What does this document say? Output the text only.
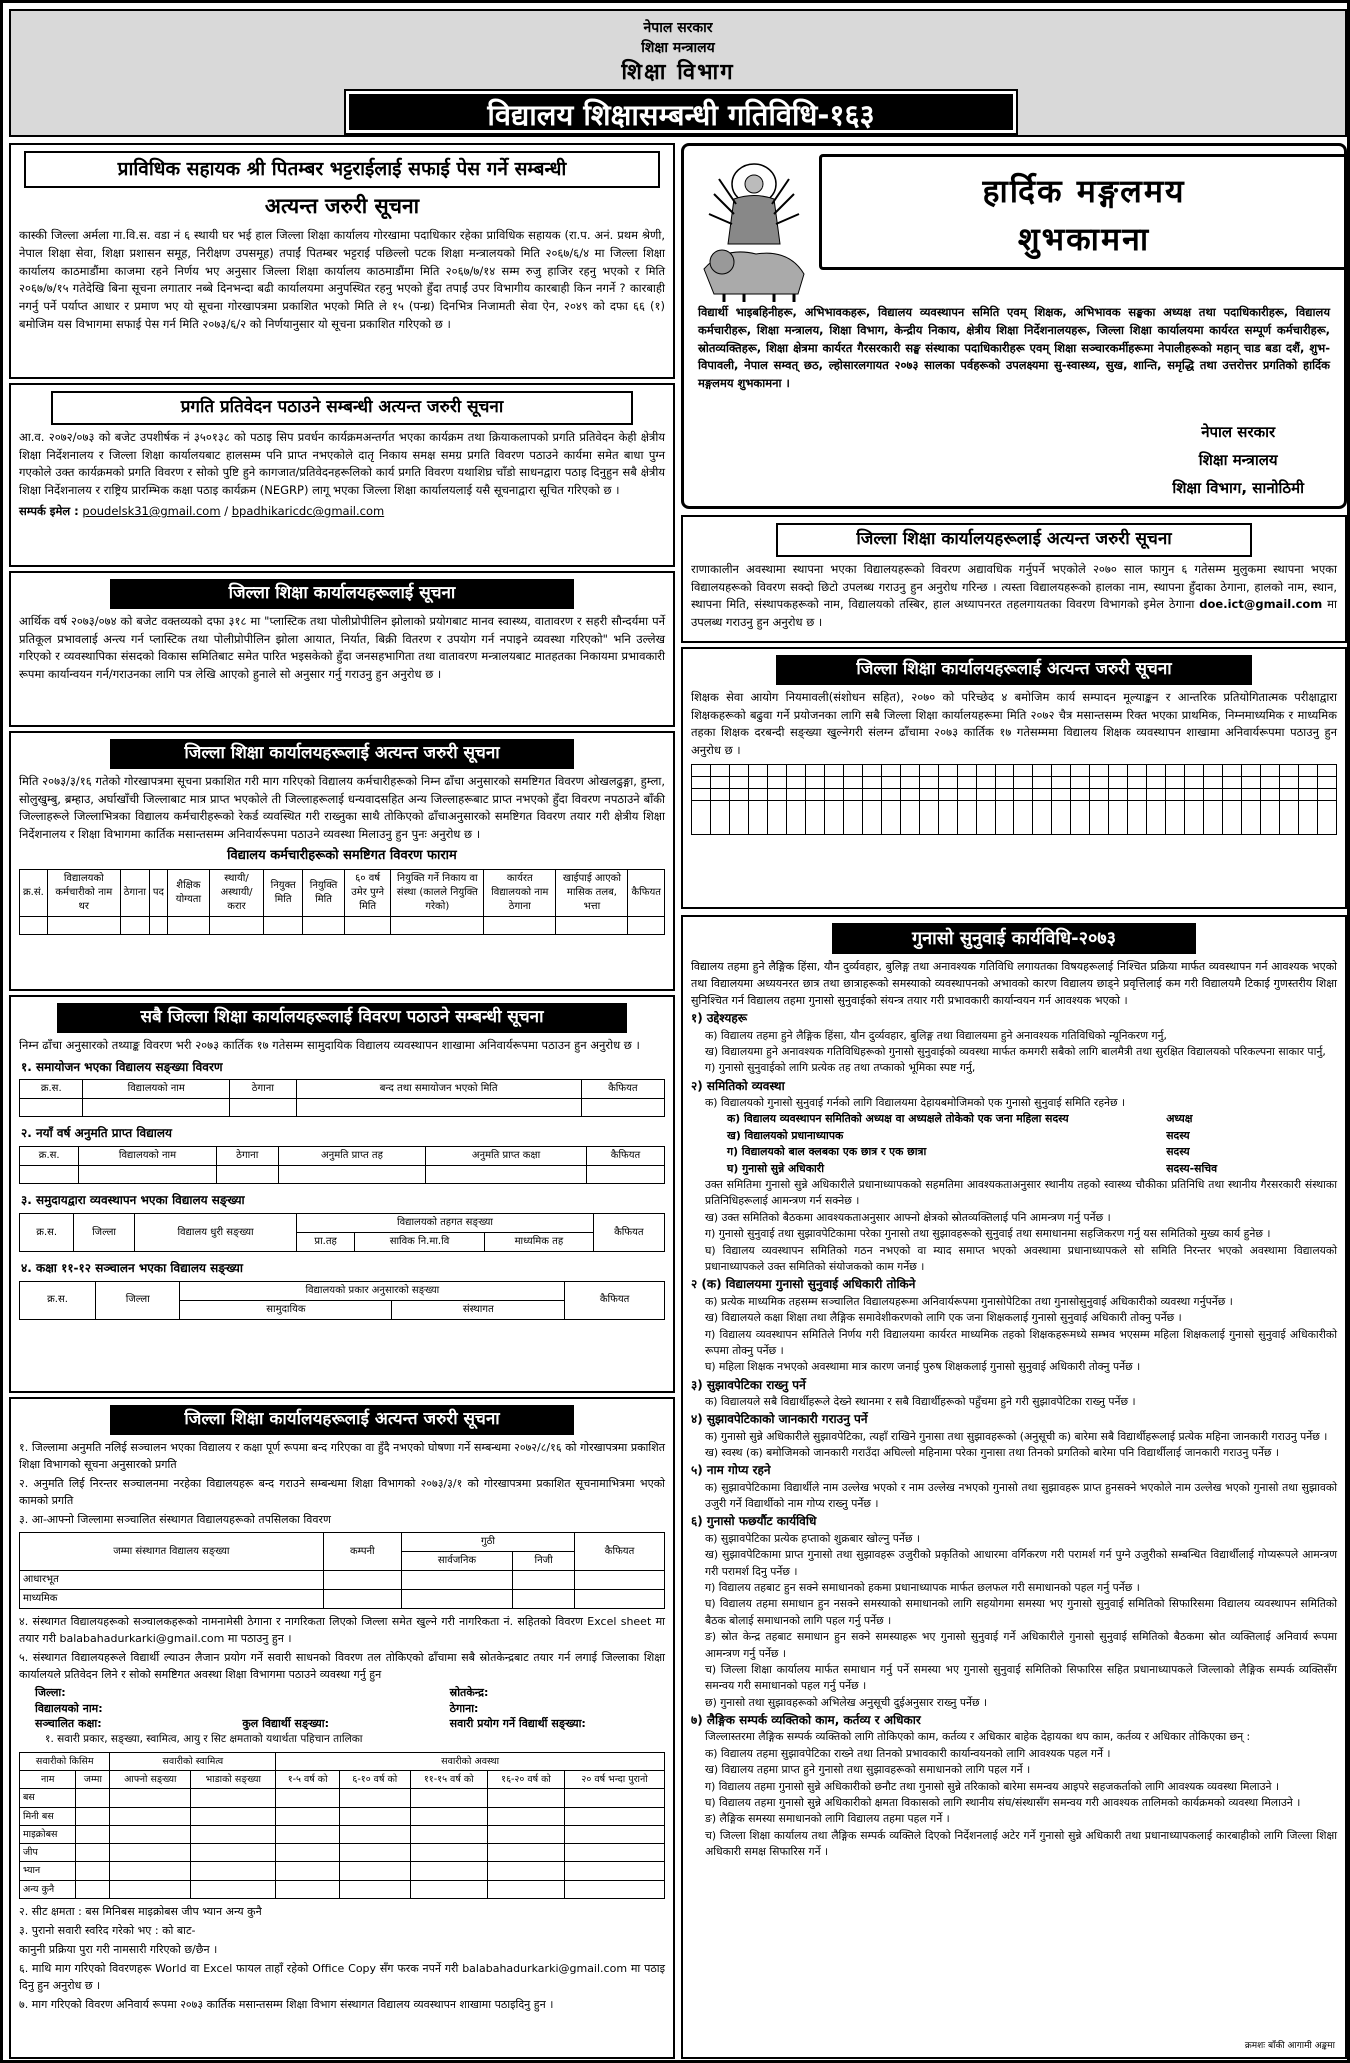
नेपाल सरकार
शिक्षा मन्त्रालय
शिक्षा विभाग
विद्यालय शिक्षासम्बन्धी गतिविधि-१६३
प्राविधिक सहायक श्री पितम्बर भट्टराईलाई सफाई पेस गर्ने सम्बन्धी
अत्यन्त जरुरी सूचना
कास्की जिल्ला अर्मला गा.वि.स. वडा नं ६ स्थायी घर भई हाल जिल्ला शिक्षा कार्यालय गोरखामा पदाधिकार रहेका प्राविधिक सहायक (रा.प. अनं. प्रथम श्रेणी, नेपाल शिक्षा सेवा, शिक्षा प्रशासन समूह, निरीक्षण उपसमूह) तपाईं पितम्बर भट्टराई पछिल्लो पटक शिक्षा मन्त्रालयको मिति २०६७/६/४ मा जिल्ला शिक्षा कार्यालय काठमाडौंमा काजमा रहने निर्णय भए अनुसार जिल्ला शिक्षा कार्यालय काठमाडौंमा मिति २०६७/७/१४ सम्म रुजु हाजिर रहनु भएको र मिति २०६७/७/१५ गतेदेखि बिना सूचना लगातार नब्बे दिनभन्दा बढी कार्यालयमा अनुपस्थित रहनु भएको हुँदा तपाईं उपर विभागीय कारबाही किन नगर्ने ? कारबाही नगर्नु पर्ने पर्याप्त आधार र प्रमाण भए यो सूचना गोरखापत्रमा प्रकाशित भएको मिति ले १५ (पन्ध्र) दिनभित्र निजामती सेवा ऐन, २०४९ को दफा ६६ (१) बमोजिम यस विभागमा सफाई पेस गर्न मिति २०७३/६/२ को निर्णयानुसार यो सूचना प्रकाशित गरिएको छ ।
प्रगति प्रतिवेदन पठाउने सम्बन्धी अत्यन्त जरुरी सूचना
आ.व. २०७२/०७३ को बजेट उपशीर्षक नं ३५०१३८ को पठाइ सिप प्रवर्धन कार्यक्रमअन्तर्गत भएका कार्यक्रम तथा क्रियाकलापको प्रगति प्रतिवेदन केही क्षेत्रीय शिक्षा निर्देशनालय र जिल्ला शिक्षा कार्यालयबाट हालसम्म पनि प्राप्त नभएकोले दातृ निकाय समक्ष समग्र प्रगति विवरण पठाउने कार्यमा समेत बाधा पुग्न गएकोले उक्त कार्यक्रमको प्रगति विवरण र सोको पुष्टि हुने कागजात/प्रतिवेदनहरूलिको कार्य प्रगति विवरण यथाशिघ्र चाँडो साधनद्वारा पठाइ दिनुहुन सबै क्षेत्रीय शिक्षा निर्देशनालय र राष्ट्रिय प्रारम्भिक कक्षा पठाइ कार्यक्रम (NEGRP) लागू भएका जिल्ला शिक्षा कार्यालयलाई यसै सूचनाद्वारा सूचित गरिएको छ ।
सम्पर्क इमेल : poudelsk31@gmail.com / bpadhikaricdc@gmail.com
जिल्ला शिक्षा कार्यालयहरूलाई सूचना
आर्थिक वर्ष २०७३/०७४ को बजेट वक्तव्यको दफा ३१८ मा "प्लास्टिक तथा पोलीप्रोपीलिन झोलाको प्रयोगबाट मानव स्वास्थ्य, वातावरण र सहरी सौन्दर्यमा पर्ने प्रतिकूल प्रभावलाई अन्त्य गर्न प्लास्टिक तथा पोलीप्रोपीलिन झोला आयात, निर्यात, बिक्री वितरण र उपयोग गर्न नपाइने व्यवस्था गरिएको" भनि उल्लेख गरिएको र व्यवस्थापिका संसदको विकास समितिबाट समेत पारित भइसकेको हुँदा जनसहभागिता तथा वातावरण मन्त्रालयबाट मातहतका निकायमा प्रभावकारी रूपमा कार्यान्वयन गर्न/गराउनका लागि पत्र लेखि आएको हुनाले सो अनुसार गर्नु गराउनु हुन अनुरोध छ ।
जिल्ला शिक्षा कार्यालयहरूलाई अत्यन्त जरुरी सूचना
मिति २०७३/३/१६ गतेको गोरखापत्रमा सूचना प्रकाशित गरी माग गरिएको विद्यालय कर्मचारीहरूको निम्न ढाँचा अनुसारको समष्टिगत विवरण ओखलढुङ्गा, हुम्ला, सोलुखुम्बु, ब्रम्हाउ, अर्घाखाँची जिल्लाबाट मात्र प्राप्त भएकोले ती जिल्लाहरूलाई धन्यवादसहित अन्य जिल्लाहरूबाट प्राप्त नभएको हुँदा विवरण नपठाउने बाँकी जिल्लाहरूले जिल्लाभित्रका विद्यालय कर्मचारीहरूको रेकर्ड व्यवस्थित गरी राख्नुका साथै तोकिएको ढाँचाअनुसारको समष्टिगत विवरण तयार गरी क्षेत्रीय शिक्षा निर्देशनालय र शिक्षा विभागमा कार्तिक मसान्तसम्म अनिवार्यरूपमा पठाउने व्यवस्था मिलाउनु हुन पुनः अनुरोध छ ।
विद्यालय कर्मचारीहरूको समष्टिगत विवरण फाराम
क्र.सं.	विद्यालयको कर्मचारीको नाम थर	ठेगाना	पद	शैक्षिक योग्यता	स्थायी/अस्थायी/करार	नियुक्त मिति	नियुक्ति मिति	६० वर्ष उमेर पुग्ने मिति	नियुक्ति गर्ने निकाय वा संस्था (कालले नियुक्ति गरेको)	कार्यरत विद्यालयको नाम ठेगाना	खाईपाई आएको मासिक तलब, भत्ता	कैफियत

सबै जिल्ला शिक्षा कार्यालयहरूलाई विवरण पठाउने सम्बन्धी सूचना
निम्न ढाँचा अनुसारको तथ्याङ्क विवरण भरी २०७३ कार्तिक १७ गतेसम्म सामुदायिक विद्यालय व्यवस्थापन शाखामा अनिवार्यरूपमा पठाउन हुन अनुरोध छ ।
१. समायोजन भएका विद्यालय सङ्ख्या विवरण
क्र.स.	विद्यालयको नाम	ठेगाना	बन्द तथा समायोजन भएको मिति	कैफियत

२. नयाँ वर्ष अनुमति प्राप्त विद्यालय
क्र.स.	विद्यालयको नाम	ठेगाना	अनुमति प्राप्त तह	अनुमति प्राप्त कक्षा	कैफियत

३. समुदायद्वारा व्यवस्थापन भएका विद्यालय सङ्ख्या
क्र.स.	जिल्ला	विद्यालय धुरी सङ्ख्या	विद्यालयको तहगत सङ्ख्या			कैफियत
			प्रा.तह	साविक नि.मा.वि	माध्यमिक तह	
४. कक्षा ११-१२ सञ्चालन भएका विद्यालय सङ्ख्या
क्र.स.	जिल्ला	विद्यालयको प्रकार अनुसारको सङ्ख्या		कैफियत
		सामुदायिक	संस्थागत	
जिल्ला शिक्षा कार्यालयहरूलाई अत्यन्त जरुरी सूचना
१. जिल्लामा अनुमति नलिई सञ्चालन भएका विद्यालय र कक्षा पूर्ण रूपमा बन्द गरिएका वा हुँदै नभएको घोषणा गर्ने सम्बन्धमा २०७२/८/१६ को गोरखापत्रमा प्रकाशित शिक्षा विभागको सूचना अनुसारको प्रगति
२. अनुमति लिई निरन्तर सञ्चालनमा नरहेका विद्यालयहरू बन्द गराउने सम्बन्धमा शिक्षा विभागको २०७३/३/१ को गोरखापत्रमा प्रकाशित सूचनामाभित्रमा भएको कामको प्रगति
३. आ-आफ्नो जिल्लामा सञ्चालित संस्थागत विद्यालयहरूको तपसिलका विवरण
जम्मा संस्थागत विद्यालय सङ्ख्या	कम्पनी	गुठी		कैफियत
		सार्वजनिक	निजी	
आधारभूत				
माध्यमिक				
४. संस्थागत विद्यालयहरूको सञ्चालकहरूको नामनामेसी ठेगाना र नागरिकता लिएको जिल्ला समेत खुल्ने गरी नागरिकता नं. सहितको विवरण Excel sheet मा तयार गरी balabahadurkarki@gmail.com मा पठाउनु हुन ।
५. संस्थागत विद्यालयहरूले विद्यार्थी ल्याउन लैजान प्रयोग गर्ने सवारी साधनको विवरण तल तोकिएको ढाँचामा सबै स्रोतकेन्द्रबाट तयार गर्न लगाई जिल्लाका शिक्षा कार्यालयले प्रतिवेदन लिने र सोको समष्टिगत अवस्था शिक्षा विभागमा पठाउने व्यवस्था गर्नु हुन
जिल्ला:	स्रोतकेन्द्र:
विद्यालयको नाम:	ठेगाना:
सञ्चालित कक्षा:	कुल विद्यार्थी सङ्ख्या:	सवारी प्रयोग गर्ने विद्यार्थी सङ्ख्या:
१. सवारी प्रकार, सङ्ख्या, स्वामित्व, आयु र सिट क्षमताको यथार्थता पहिचान तालिका
सवारीको किसिम		सवारीको स्वामित्व		सवारीको अवस्था				
नाम	जम्मा	आफ्नो सङ्ख्या	भाडाको सङ्ख्या	१-५ वर्ष को	६-१० वर्ष को	११-१५ वर्ष को	१६-२० वर्ष को	२० वर्ष भन्दा पुरानो
बस								
मिनी बस								
माइक्रोबस								
जीप								
भ्यान								
अन्य कुनै								
२. सीट क्षमता : बस मिनिबस माइक्रोबस जीप भ्यान अन्य कुनै
३. पुरानो सवारी स्वरिद गरेको भए : को बाट-
कानुनी प्रक्रिया पुरा गरी नामसारी गरिएको छ/छैन ।
६. माथि माग गरिएको विवरणहरू World वा Excel फायल ताहाँ रहेको Office Copy सँग फरक नपर्ने गरी balabahadurkarki@gmail.com मा पठाइ दिनु हुन अनुरोध छ ।
७. माग गरिएको विवरण अनिवार्य रूपमा २०७३ कार्तिक मसान्तसम्म शिक्षा विभाग संस्थागत विद्यालय व्यवस्थापन शाखामा पठाइदिनु हुन ।
हार्दिक मङ्गलमय
शुभकामना
विद्यार्थी भाइबहिनीहरू, अभिभावकहरू, विद्यालय व्यवस्थापन समिति एवम् शिक्षक, अभिभावक सङ्घका अध्यक्ष तथा पदाधिकारीहरू, विद्यालय कर्मचारीहरू, शिक्षा मन्त्रालय, शिक्षा विभाग, केन्द्रीय निकाय, क्षेत्रीय शिक्षा निर्देशनालयहरू, जिल्ला शिक्षा कार्यालयमा कार्यरत सम्पूर्ण कर्मचारीहरू, स्रोतव्यक्तिहरू, शिक्षा क्षेत्रमा कार्यरत गैरसरकारी सङ्घ संस्थाका पदाधिकारीहरू एवम् शिक्षा सञ्चारकर्मीहरूमा नेपालीहरूको महान् चाड बडा दशैं, शुभ-विपावली, नेपाल सम्वत् छठ, ल्होसारलगायत २०७३ सालका पर्वहरूको उपलक्ष्यमा सु-स्वास्थ्य, सुख, शान्ति, समृद्धि तथा उत्तरोत्तर प्रगतिको हार्दिक मङ्गलमय शुभकामना ।
नेपाल सरकार
शिक्षा मन्त्रालय
शिक्षा विभाग, सानोठिमी
जिल्ला शिक्षा कार्यालयहरूलाई अत्यन्त जरुरी सूचना
राणाकालीन अवस्थामा स्थापना भएका विद्यालयहरूको विवरण अद्यावधिक गर्नुपर्ने भएकोले २०७० साल फागुन ६ गतेसम्म मुलुकमा स्थापना भएका विद्यालयहरूको विवरण सक्दो छिटो उपलब्ध गराउनु हुन अनुरोध गरिन्छ । त्यस्ता विद्यालयहरूको हालका नाम, स्थापना हुँदाका ठेगाना, हालको नाम, स्थान, स्थापना मिति, संस्थापकहरूको नाम, विद्यालयको तस्बिर, हाल अध्यापनरत तहलगायतका विवरण विभागको इमेल ठेगाना doe.ict@gmail.com मा उपलब्ध गराउनु हुन अनुरोध छ ।
जिल्ला शिक्षा कार्यालयहरूलाई अत्यन्त जरुरी सूचना
शिक्षक सेवा आयोग नियमावली(संशोधन सहित), २०७० को परिच्छेद ४ बमोजिम कार्य सम्पादन मूल्याङ्कन र आन्तरिक प्रतियोगितात्मक परीक्षाद्वारा शिक्षकहरूको बढुवा गर्ने प्रयोजनका लागि सबै जिल्ला शिक्षा कार्यालयहरूमा मिति २०७२ चैत्र मसान्तसम्म रिक्त भएका प्राथमिक, निम्नमाध्यमिक र माध्यमिक तहका शिक्षक दरबन्दी सङ्ख्या खुल्नेगरी संलग्न ढाँचामा २०७३ कार्तिक १७ गतेसम्ममा विद्यालय शिक्षक व्यवस्थापन शाखामा अनिवार्यरूपमा पठाउनु हुन अनुरोध छ ।

गुनासो सुनुवाई कार्यविधि-२०७३
विद्यालय तहमा हुने लैङ्गिक हिंसा, यौन दुर्व्यवहार, बुलिङ्ग तथा अनावश्यक गतिविधि लगायतका विषयहरूलाई निश्चित प्रक्रिया मार्फत व्यवस्थापन गर्न आवश्यक भएको तथा विद्यालयमा अध्ययनरत छात्र तथा छात्राहरूको समस्याको व्यवस्थापनको अभावको कारण विद्यालय छाड्ने प्रवृत्तिलाई कम गरी विद्यालयमै टिकाई गुणस्तरीय शिक्षा सुनिश्चित गर्न विद्यालय तहमा गुनासो सुनुवाईको संयन्त्र तयार गरी प्रभावकारी कार्यान्वयन गर्न आवश्यक भएको ।
१) उद्देश्यहरू
क) विद्यालय तहमा हुने लैङ्गिक हिंसा, यौन दुर्व्यवहार, बुलिङ्ग तथा विद्यालयमा हुने अनावश्यक गतिविधिको न्यूनिकरण गर्नु,
ख) विद्यालयमा हुने अनावश्यक गतिविधिहरूको गुनासो सुनुवाईको व्यवस्था मार्फत कमगरी सबैको लागि बालमैत्री तथा सुरक्षित विद्यालयको परिकल्पना साकार पार्नु,
ग) गुनासो सुनुवाईको लागि प्रत्येक तह तथा तप्काको भूमिका स्पष्ट गर्नु,
२) समितिको व्यवस्था
क) विद्यालयको गुनासो सुनुवाई गर्नको लागि विद्यालयमा देहायबमोजिमको एक गुनासो सुनुवाई समिति रहनेछ ।
क) विद्यालय व्यवस्थापन समितिको अध्यक्ष वा अध्यक्षले तोकेको एक जना महिला सदस्य	अध्यक्ष
ख) विद्यालयको प्रधानाध्यापक	सदस्य
ग) विद्यालयको बाल क्लबका एक छात्र र एक छात्रा	सदस्य
घ) गुनासो सुन्ने अधिकारी	सदस्य-सचिव
उक्त समितिमा गुनासो सुन्ने अधिकारीले प्रधानाध्यापकको सहमतिमा आवश्यकताअनुसार स्थानीय तहको स्वास्थ्य चौकीका प्रतिनिधि तथा स्थानीय गैरसरकारी संस्थाका प्रतिनिधिहरूलाई आमन्त्रण गर्न सक्नेछ ।
ख) उक्त समितिको बैठकमा आवश्यकताअनुसार आफ्नो क्षेत्रको स्रोतव्यक्तिलाई पनि आमन्त्रण गर्नु पर्नेछ ।
ग) गुनासो सुनुवाई तथा सुझावपेटिकामा परेका गुनासो तथा सुझावहरूको सुनुवाई तथा समाधानमा सहजिकरण गर्नु यस समितिको मुख्य कार्य हुनेछ ।
घ) विद्यालय व्यवस्थापन समितिको गठन नभएको वा म्याद समाप्त भएको अवस्थामा प्रधानाध्यापकले सो समिति निरन्तर भएको अवस्थामा विद्यालयको प्रधानाध्यापकले उक्त समितिको संयोजकको काम गर्नेछ ।
२ (क) विद्यालयमा गुनासो सुनुवाई अधिकारी तोकिने
क) प्रत्येक माध्यमिक तहसम्म सञ्चालित विद्यालयहरूमा अनिवार्यरूपमा गुनासोपेटिका तथा गुनासोसुनुवाई अधिकारीको व्यवस्था गर्नुपर्नेछ ।
ख) विद्यालयले कक्षा शिक्षा तथा लैङ्गिक समावेशीकरणको लागि एक जना शिक्षकलाई गुनासो सुनुवाई अधिकारी तोक्नु पर्नेछ ।
ग) विद्यालय व्यवस्थापन समितिले निर्णय गरी विद्यालयमा कार्यरत माध्यमिक तहको शिक्षकहरूमध्ये सम्भव भएसम्म महिला शिक्षकलाई गुनासो सुनुवाई अधिकारीको रूपमा तोक्नु पर्नेछ ।
घ) महिला शिक्षक नभएको अवस्थामा मात्र कारण जनाई पुरुष शिक्षकलाई गुनासो सुनुवाई अधिकारी तोक्नु पर्नेछ ।
३) सुझावपेटिका राख्नु पर्ने
क) विद्यालयले सबै विद्यार्थीहरूले देख्ने स्थानमा र सबै विद्यार्थीहरूको पहुँचमा हुने गरी सुझावपेटिका राख्नु पर्नेछ ।
४) सुझावपेटिकाको जानकारी गराउनु पर्ने
क) गुनासो सुन्ने अधिकारीले सुझावपेटिका, त्यहाँ राखिने गुनासा तथा सुझावहरूको (अनुसूची क) बारेमा सबै विद्यार्थीहरूलाई प्रत्येक महिना जानकारी गराउनु पर्नेछ ।
ख) स्वस्थ (क) बमोजिमको जानकारी गराउँदा अघिल्लो महिनामा परेका गुनासा तथा तिनको प्रगतिको बारेमा पनि विद्यार्थीलाई जानकारी गराउनु पर्नेछ ।
५) नाम गोप्य रहने
क) सुझावपेटिकामा विद्यार्थीले नाम उल्लेख भएको र नाम उल्लेख नभएको गुनासो तथा सुझावहरू प्राप्त हुनसक्ने भएकोले नाम उल्लेख भएको गुनासो तथा सुझावको उजुरी गर्ने विद्यार्थीको नाम गोप्य राख्नु पर्नेछ ।
६) गुनासो फछर्यौट कार्यविधि
क) सुझावपेटिका प्रत्येक हप्ताको शुक्रबार खोल्नु पर्नेछ ।
ख) सुझावपेटिकामा प्राप्त गुनासो तथा सुझावहरू उजुरीको प्रकृतिको आधारमा वर्गिकरण गरी परामर्श गर्न पुग्ने उजुरीको सम्बन्धित विद्यार्थीलाई गोप्यरूपले आमन्त्रण गरी परामर्श दिनु पर्नेछ ।
ग) विद्यालय तहबाट हुन सक्ने समाधानको हकमा प्रधानाध्यापक मार्फत छलफल गरी समाधानको पहल गर्नु पर्नेछ ।
घ) विद्यालय तहमा समाधान हुन नसक्ने समस्याको समाधानको लागि सहयोगमा समस्या भए गुनासो सुनुवाई समितिको सिफारिसमा विद्यालय व्यवस्थापन समितिको बैठक बोलाई समाधानको लागि पहल गर्नु पर्नेछ ।
ङ) स्रोत केन्द्र तहबाट समाधान हुन सक्ने समस्याहरू भए गुनासो सुनुवाई गर्ने अधिकारीले गुनासो सुनुवाई समितिको बैठकमा स्रोत व्यक्तिलाई अनिवार्य रूपमा आमन्त्रण गर्नु पर्नेछ ।
च) जिल्ला शिक्षा कार्यालय मार्फत समाधान गर्नु पर्ने समस्या भए गुनासो सुनुवाई समितिको सिफारिस सहित प्रधानाध्यापकले जिल्लाको लैङ्गिक सम्पर्क व्यक्तिसँग समन्वय गरी समाधानको पहल गर्नु पर्नेछ ।
छ) गुनासो तथा सुझावहरूको अभिलेख अनुसूची दुईअनुसार राख्नु पर्नेछ ।
७) लैङ्गिक सम्पर्क व्यक्तिको काम, कर्तव्य र अधिकार
जिल्लास्तरमा लैङ्गिक सम्पर्क व्यक्तिको लागि तोकिएको काम, कर्तव्य र अधिकार बाहेक देहायका थप काम, कर्तव्य र अधिकार तोकिएका छन् :
क) विद्यालय तहमा सुझावपेटिका राख्ने तथा तिनको प्रभावकारी कार्यान्वयनको लागि आवश्यक पहल गर्ने ।
ख) विद्यालय तहमा प्राप्त हुने गुनासो तथा सुझावहरूको समाधानको लागि पहल गर्ने ।
ग) विद्यालय तहमा गुनासो सुन्ने अधिकारीको छनौट तथा गुनासो सुन्ने तरिकाको बारेमा समन्वय आइपरे सहजकर्ताको लागि आवश्यक व्यवस्था मिलाउने ।
घ) विद्यालय तहमा गुनासो सुन्ने अधिकारीको क्षमता विकासको लागि स्थानीय संघ/संस्थासँग समन्वय गरी आवश्यक तालिमको कार्यक्रमको व्यवस्था मिलाउने ।
ङ) लैङ्गिक समस्या समाधानको लागि विद्यालय तहमा पहल गर्ने ।
च) जिल्ला शिक्षा कार्यालय तथा लैङ्गिक सम्पर्क व्यक्तिले दिएको निर्देशनलाई अटेर गर्ने गुनासो सुन्ने अधिकारी तथा प्रधानाध्यापकलाई कारबाहीको लागि जिल्ला शिक्षा अधिकारी समक्ष सिफारिस गर्ने ।
क्रमशः बाँकी आगामी अङ्कमा
